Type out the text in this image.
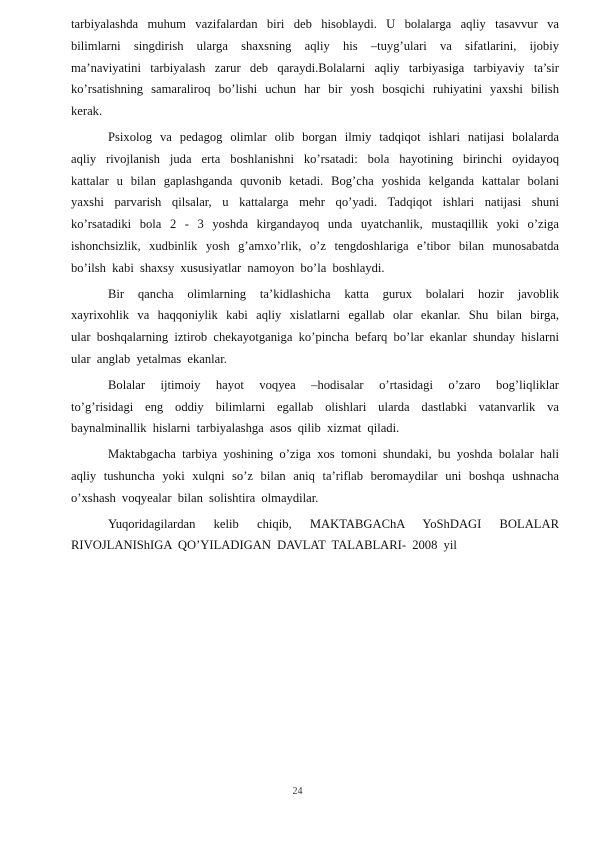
tarbiyalashda muhum vazifalardan biri deb hisoblaydi. U bolalarga aqliy tasavvur va bilimlarni singdirish ularga shaxsning aqliy his –tuyg’ulari va sifatlarini, ijobiy ma’naviyatini tarbiyalash zarur deb qaraydi.Bolalarni aqliy tarbiyasiga tarbiyaviy ta’sir ko’rsatishning samaraliroq bo’lishi uchun har bir yosh bosqichi ruhiyatini yaxshi bilish kerak.

Psixolog va pedagog olimlar olib borgan ilmiy tadqiqot ishlari natijasi bolalarda aqliy rivojlanish juda erta boshlanishni ko’rsatadi: bola hayotining birinchi oyidayoq kattalar u bilan gaplashganda quvonib ketadi. Bog’cha yoshida kelganda kattalar bolani yaxshi parvarish qilsalar, u kattalarga mehr qo’yadi. Tadqiqot ishlari natijasi shuni ko’rsatadiki bola 2 - 3 yoshda kirgandayoq unda uyatchanlik, mustaqillik yoki o’ziga ishonchsizlik, xudbinlik yosh g’amxo’rlik, o’z tengdoshlariga e’tibor bilan munosabatda bo’ilsh kabi shaxsy xususiyatlar namoyon bo’la boshlaydi.

Bir qancha olimlarning ta’kidlashicha katta gurux bolalari hozir javoblik xayrixohlik va haqqoniylik kabi aqliy xislatlarni egallab olar ekanlar. Shu bilan birga, ular boshqalarning iztirob chekayotganiga ko’pincha befarq bo’lar ekanlar shunday hislarni ular anglab yetalmas ekanlar.

Bolalar ijtimoiy hayot voqyea –hodisalar o’rtasidagi o’zaro bog’liqliklar to’g’risidagi eng oddiy bilimlarni egallab olishlari ularda dastlabki vatanvarlik va baynalminallik hislarni tarbiyalashga asos qilib xizmat qiladi.

Maktabgacha tarbiya yoshining o’ziga xos tomoni shundaki, bu yoshda bolalar hali aqliy tushuncha yoki xulqni so’z bilan aniq ta’riflab beromaydilar uni boshqa ushnacha o’xshash voqyealar bilan solishtira olmaydilar.

Yuqoridagilardan kelib chiqib, MAKTABGAChA YoShDAGI BOLALAR RIVOJLANIShIGA QO’YILADIGAN DAVLAT TALABLARI- 2008 yil

24
